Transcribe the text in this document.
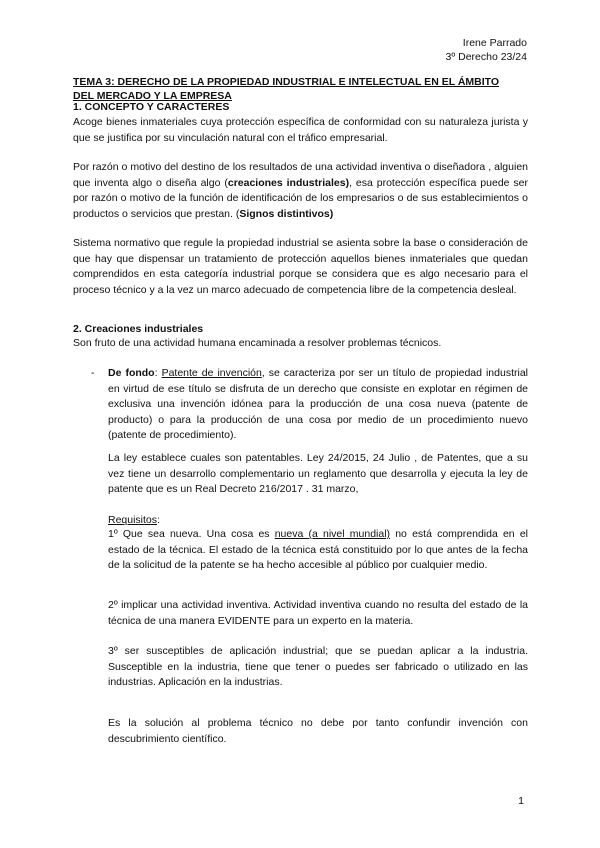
Irene Parrado
3º Derecho 23/24
TEMA 3: DERECHO DE LA PROPIEDAD INDUSTRIAL E INTELECTUAL EN EL ÁMBITO
DEL MERCADO Y LA EMPRESA
1. CONCEPTO Y CARACTERES
Acoge bienes inmateriales cuya protección específica de conformidad con su naturaleza jurista y que se justifica por su vinculación natural con el tráfico empresarial.
Por razón o motivo del destino de los resultados de una actividad inventiva o diseñadora , alguien que inventa algo o diseña algo (creaciones industriales), esa protección específica puede ser por razón o motivo de la función de identificación de los empresarios o de sus establecimientos o productos o servicios que prestan. (Signos distintivos)
Sistema normativo que regule la propiedad industrial se asienta sobre la base o consideración de que hay que dispensar un tratamiento de protección aquellos bienes inmateriales que quedan comprendidos en esta categoría industrial porque se considera que es algo necesario para el proceso técnico y a la vez un marco adecuado de competencia libre de la competencia desleal.
2. Creaciones industriales
Son fruto de una actividad humana encaminada a resolver problemas técnicos.
- De fondo: Patente de invención, se caracteriza por ser un título de propiedad industrial en virtud de ese título se disfruta de un derecho que consiste en explotar en régimen de exclusiva una invención idónea para la producción de una cosa nueva (patente de producto) o para la producción de una cosa por medio de un procedimiento nuevo (patente de procedimiento).
La ley establece cuales son patentables. Ley 24/2015, 24 Julio , de Patentes, que a su vez tiene un desarrollo complementario un reglamento que desarrolla y ejecuta la ley de patente que es un Real Decreto 216/2017 . 31 marzo,
Requisitos:
1º Que sea nueva. Una cosa es nueva (a nivel mundial) no está comprendida en el estado de la técnica. El estado de la técnica está constituido por lo que antes de la fecha de la solicitud de la patente se ha hecho accesible al público por cualquier medio.
2º implicar una actividad inventiva. Actividad inventiva cuando no resulta del estado de la técnica de una manera EVIDENTE para un experto en la materia.
3º ser susceptibles de aplicación industrial; que se puedan aplicar a la industria. Susceptible en la industria, tiene que tener o puedes ser fabricado o utilizado en las industrias. Aplicación en la industrias.
Es la solución al problema técnico no debe por tanto confundir invención con descubrimiento científico.
1
